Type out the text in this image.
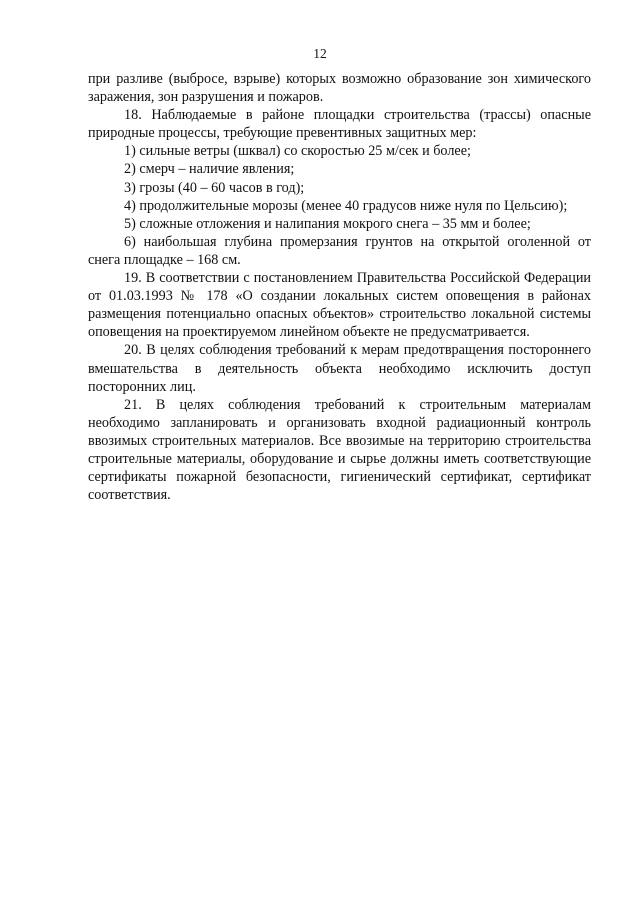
12

при разливе (выбросе, взрыве) которых возможно образование зон химического заражения, зон разрушения и пожаров.

18. Наблюдаемые в районе площадки строительства (трассы) опасные природные процессы, требующие превентивных защитных мер:

1) сильные ветры (шквал) со скоростью 25 м/сек и более;

2) смерч – наличие явления;

3) грозы (40 – 60 часов в год);

4) продолжительные морозы (менее 40 градусов ниже нуля по Цельсию);

5) сложные отложения и налипания мокрого снега – 35 мм и более;

6) наибольшая глубина промерзания грунтов на открытой оголенной от снега площадке – 168 см.

19. В соответствии с постановлением Правительства Российской Федерации от 01.03.1993 № 178 «О создании локальных систем оповещения в районах размещения потенциально опасных объектов» строительство локальной системы оповещения на проектируемом линейном объекте не предусматривается.

20. В целях соблюдения требований к мерам предотвращения постороннего вмешательства в деятельность объекта необходимо исключить доступ посторонних лиц.

21. В целях соблюдения требований к строительным материалам необходимо запланировать и организовать входной радиационный контроль ввозимых строительных материалов. Все ввозимые на территорию строительства строительные материалы, оборудование и сырье должны иметь соответствующие сертификаты пожарной безопасности, гигиенический сертификат, сертификат соответствия.
